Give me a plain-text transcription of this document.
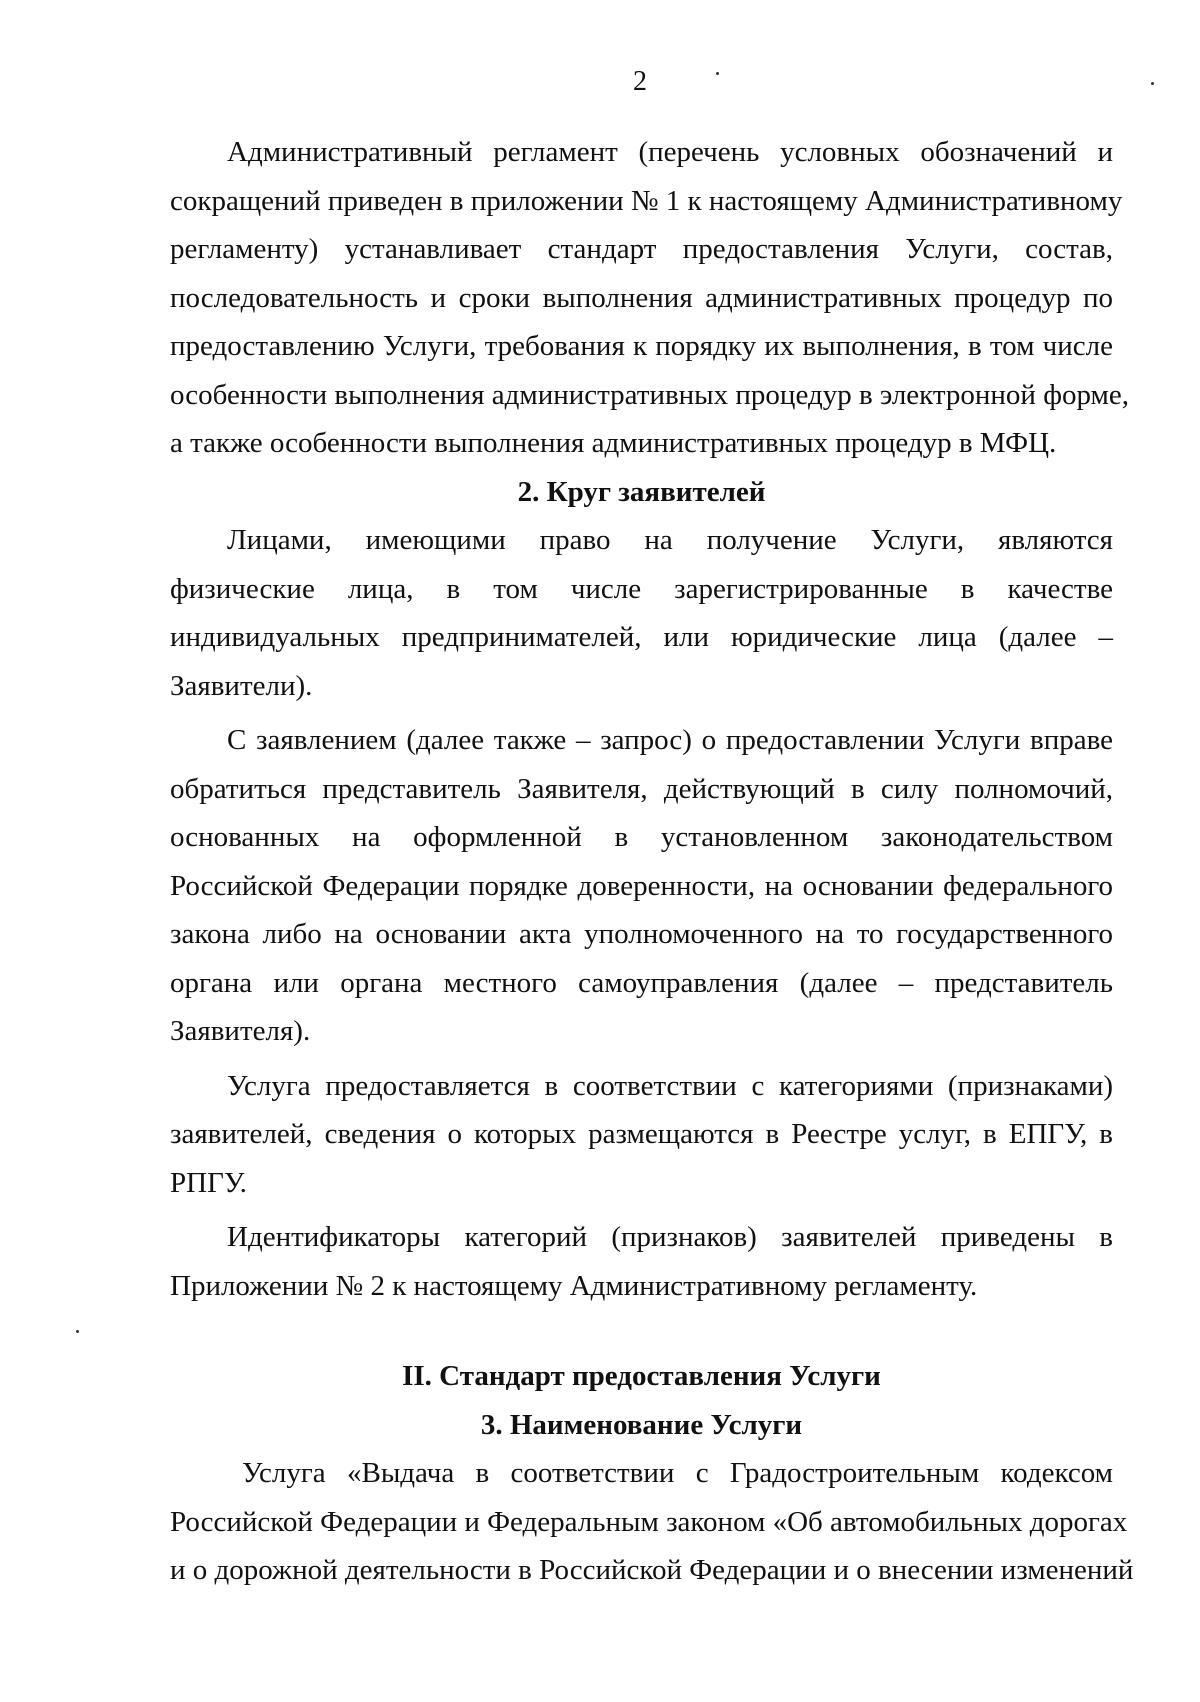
2
Административный регламент (перечень условных обозначений и
сокращений приведен в приложении № 1 к настоящему Административному
регламенту) устанавливает стандарт предоставления Услуги, состав,
последовательность и сроки выполнения административных процедур по
предоставлению Услуги, требования к порядку их выполнения, в том числе
особенности выполнения административных процедур в электронной форме,
а также особенности выполнения административных процедур в МФЦ.
2. Круг заявителей
Лицами, имеющими право на получение Услуги, являются
физические лица, в том числе зарегистрированные в качестве
индивидуальных предпринимателей, или юридические лица (далее –
Заявители).
С заявлением (далее также – запрос) о предоставлении Услуги вправе
обратиться представитель Заявителя, действующий в силу полномочий,
основанных на оформленной в установленном законодательством
Российской Федерации порядке доверенности, на основании федерального
закона либо на основании акта уполномоченного на то государственного
органа или органа местного самоуправления (далее – представитель
Заявителя).
Услуга предоставляется в соответствии с категориями (признаками)
заявителей, сведения о которых размещаются в Реестре услуг, в ЕПГУ, в
РПГУ.
Идентификаторы категорий (признаков) заявителей приведены в
Приложении № 2 к настоящему Административному регламенту.
II. Стандарт предоставления Услуги
3. Наименование Услуги
Услуга «Выдача в соответствии с Градостроительным кодексом
Российской Федерации и Федеральным законом «Об автомобильных дорогах
и о дорожной деятельности в Российской Федерации и о внесении изменений
